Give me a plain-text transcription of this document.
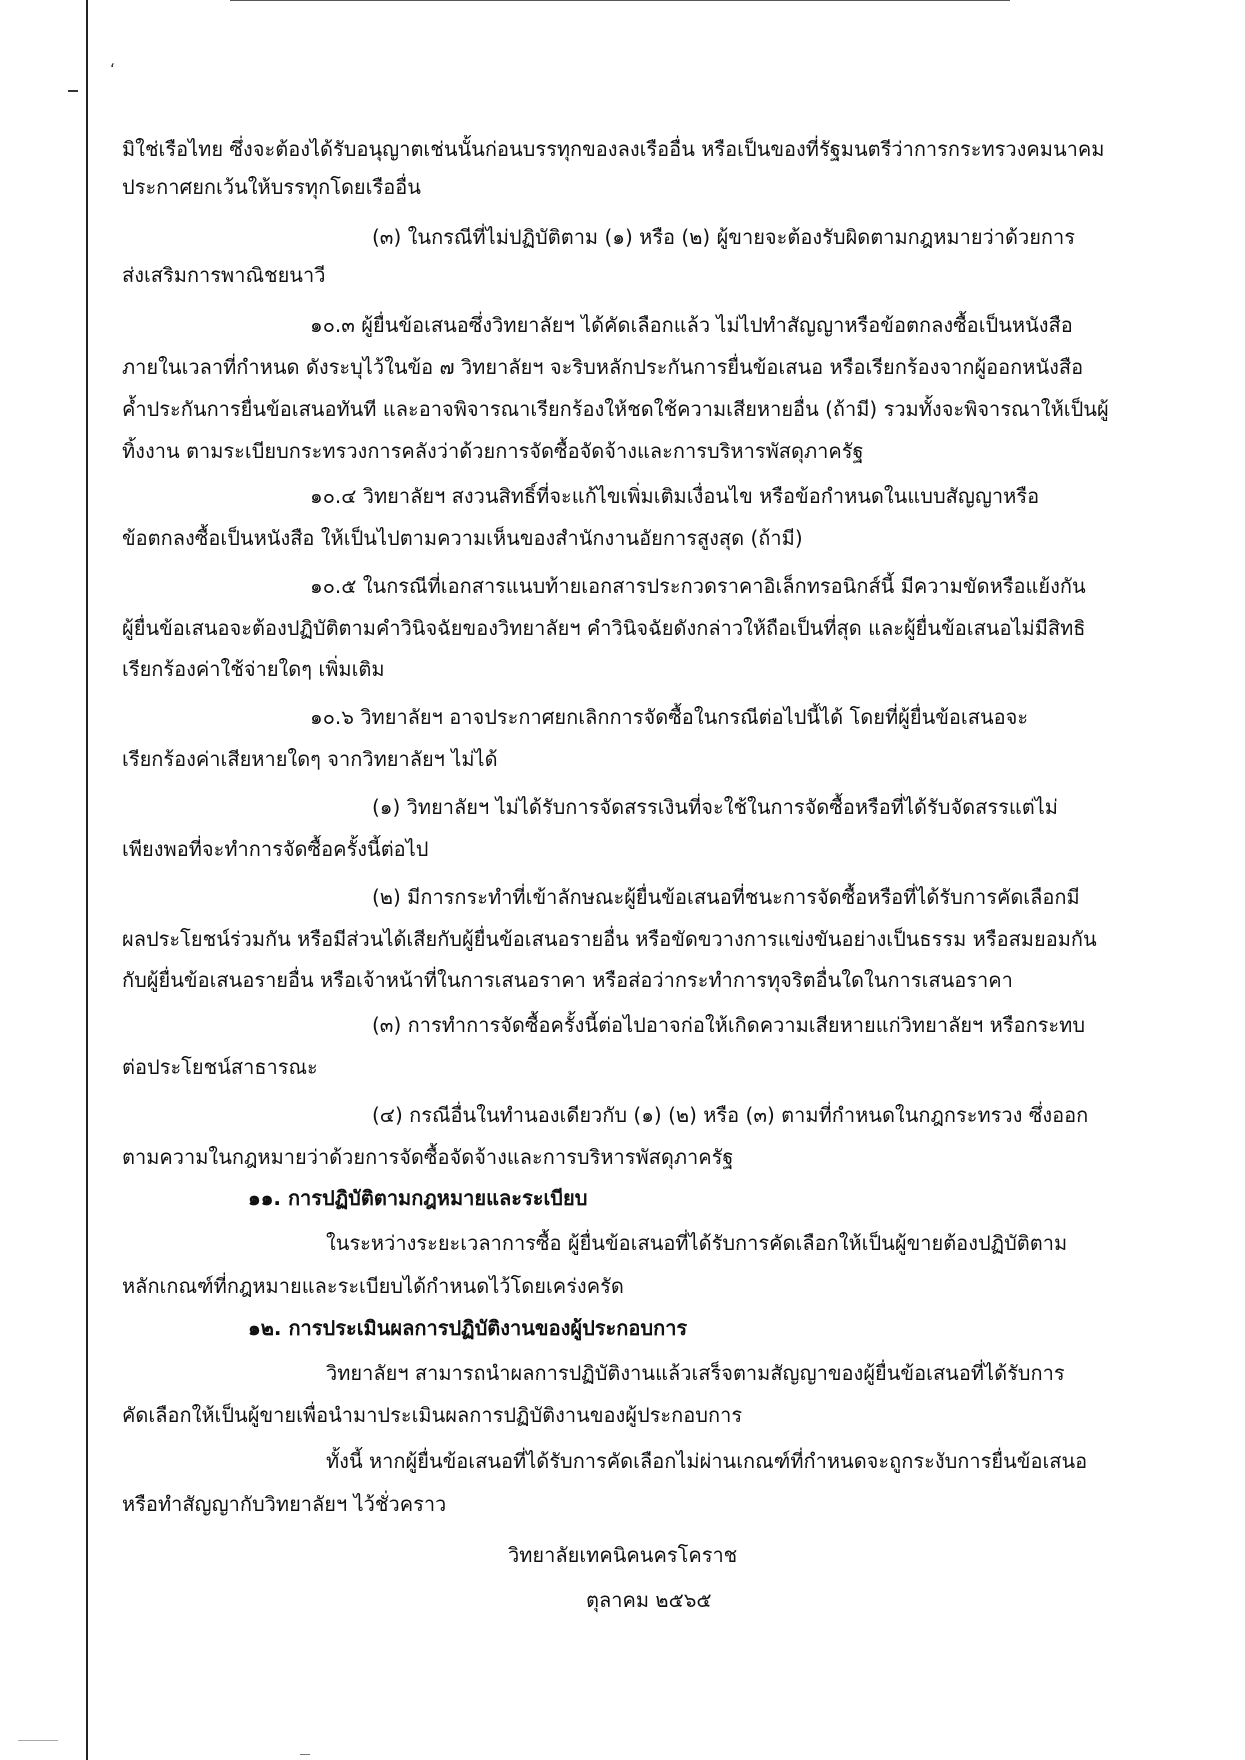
ʻ
มิใช่เรือไทย ซึ่งจะต้องได้รับอนุญาตเช่นนั้นก่อนบรรทุกของลงเรืออื่น หรือเป็นของที่รัฐมนตรีว่าการกระทรวงคมนาคม
ประกาศยกเว้นให้บรรทุกโดยเรืออื่น
(๓) ในกรณีที่ไม่ปฏิบัติตาม (๑) หรือ (๒) ผู้ขายจะต้องรับผิดตามกฎหมายว่าด้วยการ
ส่งเสริมการพาณิชยนาวี
๑๐.๓ ผู้ยื่นข้อเสนอซึ่งวิทยาลัยฯ ได้คัดเลือกแล้ว ไม่ไปทำสัญญาหรือข้อตกลงซื้อเป็นหนังสือ
ภายในเวลาที่กำหนด ดังระบุไว้ในข้อ ๗ วิทยาลัยฯ จะริบหลักประกันการยื่นข้อเสนอ หรือเรียกร้องจากผู้ออกหนังสือ
ค้ำประกันการยื่นข้อเสนอทันที และอาจพิจารณาเรียกร้องให้ชดใช้ความเสียหายอื่น (ถ้ามี) รวมทั้งจะพิจารณาให้เป็นผู้
ทิ้งงาน ตามระเบียบกระทรวงการคลังว่าด้วยการจัดซื้อจัดจ้างและการบริหารพัสดุภาครัฐ
๑๐.๔ วิทยาลัยฯ สงวนสิทธิ์ที่จะแก้ไขเพิ่มเติมเงื่อนไข หรือข้อกำหนดในแบบสัญญาหรือ
ข้อตกลงซื้อเป็นหนังสือ ให้เป็นไปตามความเห็นของสำนักงานอัยการสูงสุด (ถ้ามี)
๑๐.๕ ในกรณีที่เอกสารแนบท้ายเอกสารประกวดราคาอิเล็กทรอนิกส์นี้ มีความขัดหรือแย้งกัน
ผู้ยื่นข้อเสนอจะต้องปฏิบัติตามคำวินิจฉัยของวิทยาลัยฯ คำวินิจฉัยดังกล่าวให้ถือเป็นที่สุด และผู้ยื่นข้อเสนอไม่มีสิทธิ
เรียกร้องค่าใช้จ่ายใดๆ เพิ่มเติม
๑๐.๖ วิทยาลัยฯ อาจประกาศยกเลิกการจัดซื้อในกรณีต่อไปนี้ได้ โดยที่ผู้ยื่นข้อเสนอจะ
เรียกร้องค่าเสียหายใดๆ จากวิทยาลัยฯ ไม่ได้
(๑) วิทยาลัยฯ ไม่ได้รับการจัดสรรเงินที่จะใช้ในการจัดซื้อหรือที่ได้รับจัดสรรแต่ไม่
เพียงพอที่จะทำการจัดซื้อครั้งนี้ต่อไป
(๒) มีการกระทำที่เข้าลักษณะผู้ยื่นข้อเสนอที่ชนะการจัดซื้อหรือที่ได้รับการคัดเลือกมี
ผลประโยชน์ร่วมกัน หรือมีส่วนได้เสียกับผู้ยื่นข้อเสนอรายอื่น หรือขัดขวางการแข่งขันอย่างเป็นธรรม หรือสมยอมกัน
กับผู้ยื่นข้อเสนอรายอื่น หรือเจ้าหน้าที่ในการเสนอราคา หรือส่อว่ากระทำการทุจริตอื่นใดในการเสนอราคา
(๓) การทำการจัดซื้อครั้งนี้ต่อไปอาจก่อให้เกิดความเสียหายแก่วิทยาลัยฯ หรือกระทบ
ต่อประโยชน์สาธารณะ
(๔) กรณีอื่นในทำนองเดียวกับ (๑) (๒) หรือ (๓) ตามที่กำหนดในกฎกระทรวง ซึ่งออก
ตามความในกฎหมายว่าด้วยการจัดซื้อจัดจ้างและการบริหารพัสดุภาครัฐ
๑๑. การปฏิบัติตามกฎหมายและระเบียบ
ในระหว่างระยะเวลาการซื้อ ผู้ยื่นข้อเสนอที่ได้รับการคัดเลือกให้เป็นผู้ขายต้องปฏิบัติตาม
หลักเกณฑ์ที่กฎหมายและระเบียบได้กำหนดไว้โดยเคร่งครัด
๑๒. การประเมินผลการปฏิบัติงานของผู้ประกอบการ
วิทยาลัยฯ สามารถนำผลการปฏิบัติงานแล้วเสร็จตามสัญญาของผู้ยื่นข้อเสนอที่ได้รับการ
คัดเลือกให้เป็นผู้ขายเพื่อนำมาประเมินผลการปฏิบัติงานของผู้ประกอบการ
ทั้งนี้ หากผู้ยื่นข้อเสนอที่ได้รับการคัดเลือกไม่ผ่านเกณฑ์ที่กำหนดจะถูกระงับการยื่นข้อเสนอ
หรือทำสัญญากับวิทยาลัยฯ ไว้ชั่วคราว
วิทยาลัยเทคนิคนครโคราช
ตุลาคม ๒๕๖๕
